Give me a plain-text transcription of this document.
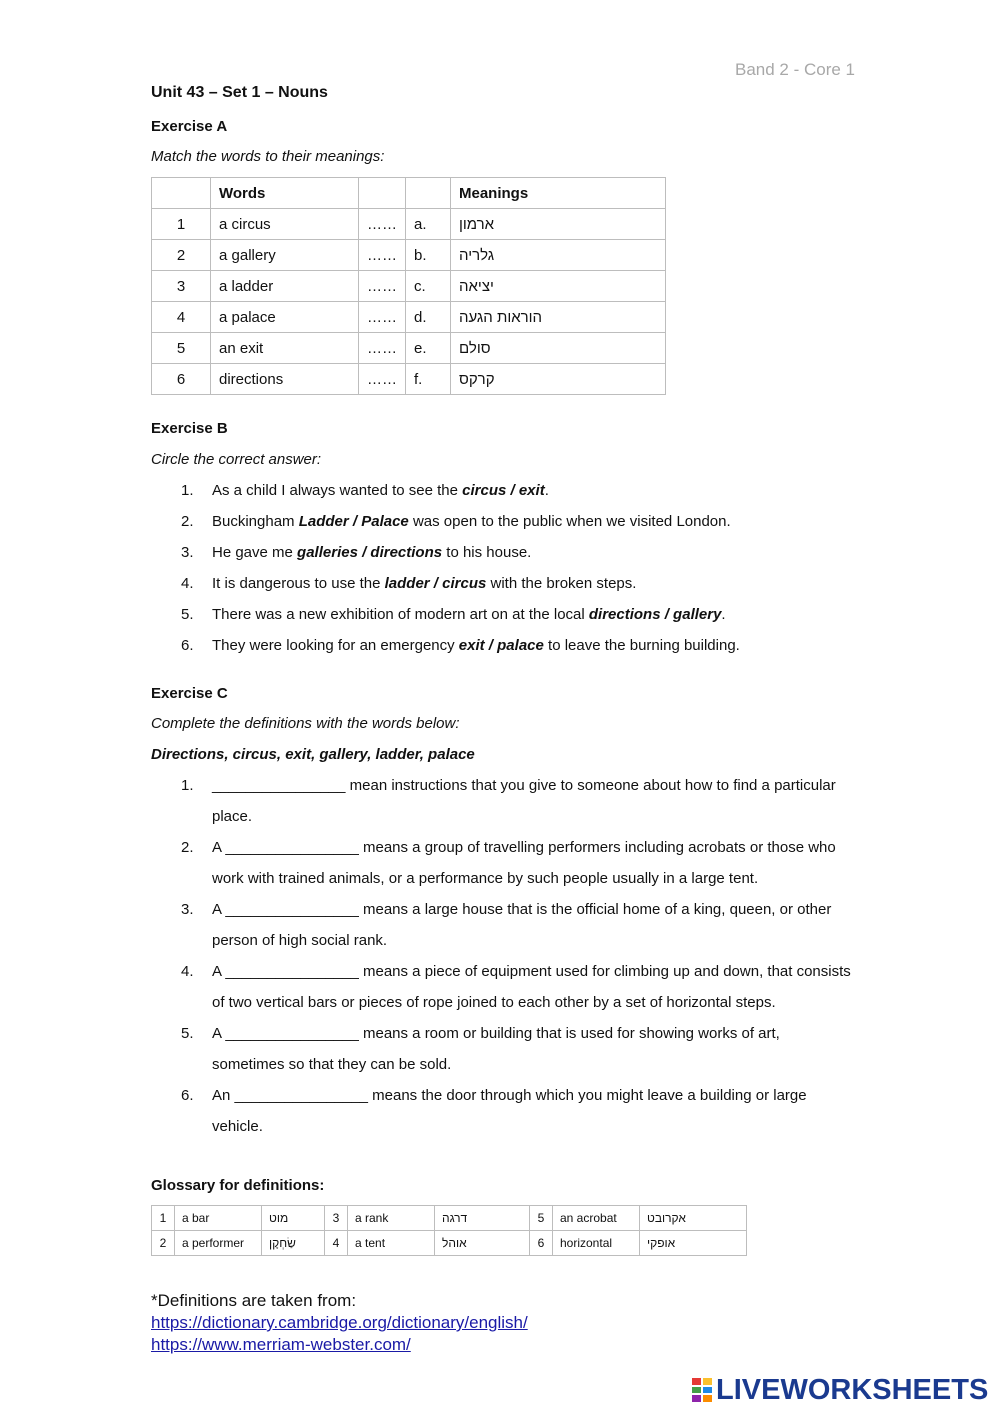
Band 2 - Core 1
Unit 43 – Set 1 – Nouns
Exercise A
Match the words to their meanings:
	Words			Meanings
1	a circus	……	a.	ארמון
2	a gallery	……	b.	גלריה
3	a ladder	……	c.	יציאה
4	a palace	……	d.	הוראות הגעה
5	an exit	……	e.	סולם
6	directions	……	f.	קרקס
Exercise B
Circle the correct answer:
1. As a child I always wanted to see the circus / exit.
2. Buckingham Ladder / Palace was open to the public when we visited London.
3. He gave me galleries / directions to his house.
4. It is dangerous to use the ladder / circus with the broken steps.
5. There was a new exhibition of modern art on at the local directions / gallery.
6. They were looking for an emergency exit / palace to leave the burning building.
Exercise C
Complete the definitions with the words below:
Directions, circus, exit, gallery, ladder, palace
1. ________________ mean instructions that you give to someone about how to find a particular place.
2. A ________________ means a group of travelling performers including acrobats or those who work with trained animals, or a performance by such people usually in a large tent.
3. A ________________ means a large house that is the official home of a king, queen, or other person of high social rank.
4. A ________________ means a piece of equipment used for climbing up and down, that consists of two vertical bars or pieces of rope joined to each other by a set of horizontal steps.
5. A ________________ means a room or building that is used for showing works of art, sometimes so that they can be sold.
6. An ________________ means the door through which you might leave a building or large vehicle.
Glossary for definitions:
1	a bar	מוט	3	a rank	דרגה	5	an acrobat	אקרובט
2	a performer	שַׂחְקָן	4	a tent	אוהל	6	horizontal	אופקי
*Definitions are taken from:
https://dictionary.cambridge.org/dictionary/english/
https://www.merriam-webster.com/
LIVEWORKSHEETS
